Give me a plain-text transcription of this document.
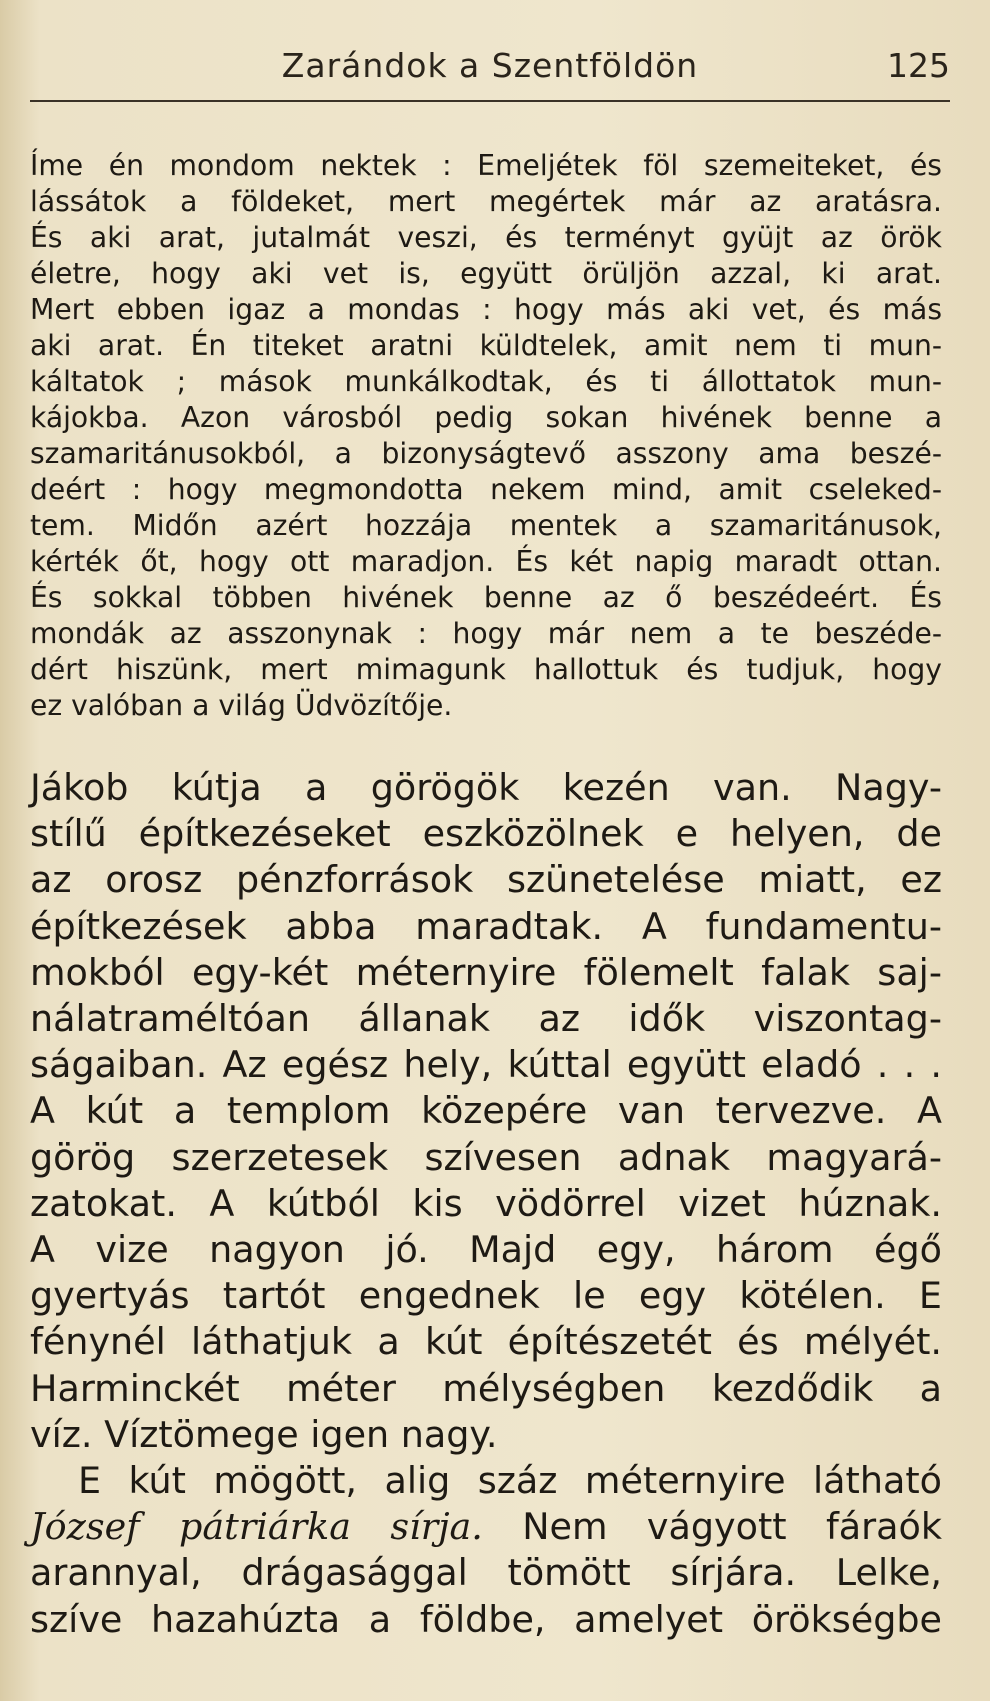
Zarándok a Szentföldön	125
Íme én mondom nektek : Emeljétek föl szemeiteket, és
lássátok a földeket, mert megértek már az aratásra.
És aki arat, jutalmát veszi, és terményt gyüjt az örök
életre, hogy aki vet is, együtt örüljön azzal, ki arat.
Mert ebben igaz a mondas : hogy más aki vet, és más
aki arat. Én titeket aratni küldtelek, amit nem ti mun-
káltatok ; mások munkálkodtak, és ti állottatok mun-
kájokba. Azon városból pedig sokan hivének benne a
szamaritánusokból, a bizonyságtevő asszony ama beszé-
deért : hogy megmondotta nekem mind, amit cseleked-
tem. Midőn azért hozzája mentek a szamaritánusok,
kérték őt, hogy ott maradjon. És két napig maradt ottan.
És sokkal többen hivének benne az ő beszédeért. És
mondák az asszonynak : hogy már nem a te beszéde-
dért hiszünk, mert mimagunk hallottuk és tudjuk, hogy
ez valóban a világ Üdvözítője.
Jákob kútja a görögök kezén van. Nagy-
stílű építkezéseket eszközölnek e helyen, de
az orosz pénzforrások szünetelése miatt, ez
építkezések abba maradtak. A fundamentu-
mokból egy-két méternyire fölemelt falak saj-
nálatraméltóan állanak az idők viszontag-
ságaiban. Az egész hely, kúttal együtt eladó . . .
A kút a templom közepére van tervezve. A
görög szerzetesek szívesen adnak magyará-
zatokat. A kútból kis vödörrel vizet húznak.
A vize nagyon jó. Majd egy, három égő
gyertyás tartót engednek le egy kötélen. E
fénynél láthatjuk a kút építészetét és mélyét.
Harminckét méter mélységben kezdődik a
víz. Víztömege igen nagy.
E kút mögött, alig száz méternyire látható
József pátriárka sírja. Nem vágyott fáraók
arannyal, drágasággal tömött sírjára. Lelke,
szíve hazahúzta a földbe, amelyet örökségbe
